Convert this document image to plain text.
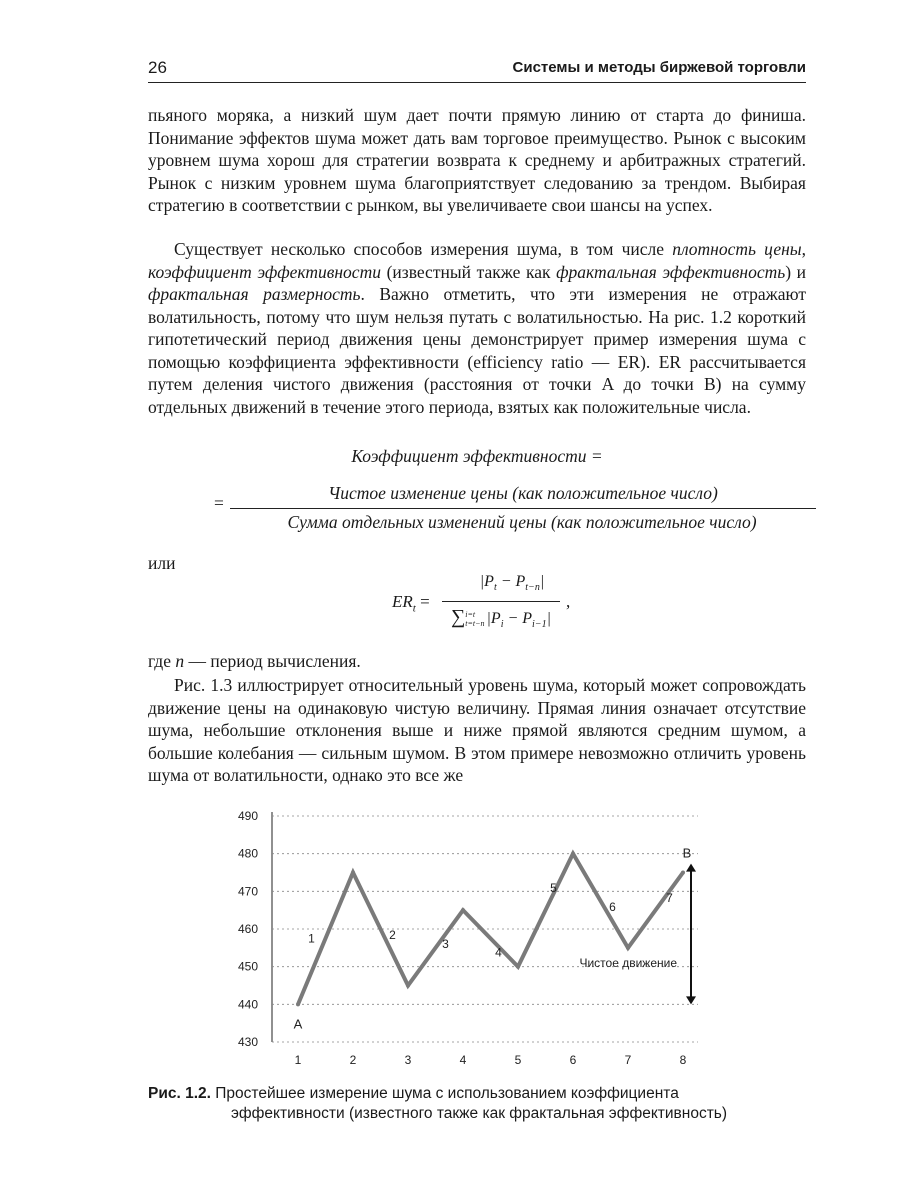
26	Системы и методы биржевой торговли

пьяного моряка, а низкий шум дает почти прямую линию от старта до финиша. Понимание эффектов шума может дать вам торговое преимущество. Рынок с высоким уровнем шума хорош для стратегии возврата к среднему и арбитражных стратегий. Рынок с низким уровнем шума благоприятствует следованию за трендом. Выбирая стратегию в соответствии с рынком, вы увеличиваете свои шансы на успех.

Существует несколько способов измерения шума, в том числе плотность цены, коэффициент эффективности (известный также как фрактальная эффективность) и фрактальная размерность. Важно отметить, что эти измерения не отражают волатильность, потому что шум нельзя путать с волатильностью. На рис. 1.2 короткий гипотетический период движения цены демонстрирует пример измерения шума с помощью коэффициента эффективности (efficiency ratio — ER). ER рассчитывается путем деления чистого движения (расстояния от точки A до точки B) на сумму отдельных движений в течение этого периода, взятых как положительные числа.

Коэффициент эффективности =
=	Чистое изменение цены (как положительное число)
Сумма отдельных изменений цены (как положительное число)
или
$ER_t$ =
$|P_t - P_{t-n}|$
∑i=t
t=t−n $|P_i - P_{i-1}|$
,
где n — период вычисления.

Рис. 1.3 иллюстрирует относительный уровень шума, который может сопровождать движение цены на одинаковую чистую величину. Прямая линия означает отсутствие шума, небольшие отклонения выше и ниже прямой являются средним шумом, а большие колебания — сильным шумом. В этом примере невозможно отличить уровень шума от волатильности, однако это все же

490
480
470
460
450
440
430
1	2	3	4	5	6	7	8
A
B
1	2
3
4
5
6
7
Чистое движение
Рис. 1.2. Простейшее измерение шума с использованием коэффициента
эффективности (известного также как фрактальная эффективность)
